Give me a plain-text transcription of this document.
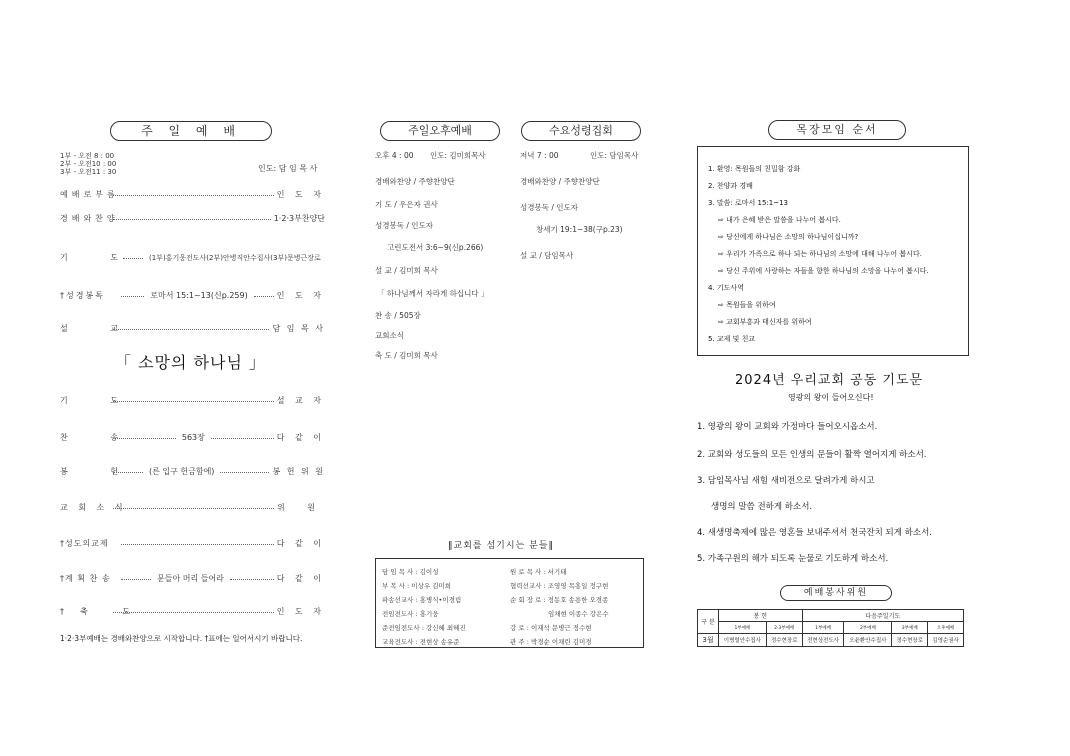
주 일 예 배
1부 - 오전 8 : 00
2부 - 오전10 : 00
3부 - 오전11 : 30	인도: 담 임 목 사
예배로부름	인 도 자
경배와찬양	1·2·3부찬양단
기 도	(1부)홍기웅전도사(2부)안병직안수집사(3부)문병근장로
†성경봉독	로마서 15:1~13(신p.259)	인 도 자
설 교	담 임 목 사
「 소망의 하나님 」
기 도	설 교 자
찬 송	563장	다 같 이
봉 헌	(른 입구 헌금함에)	봉 헌 위 원
교 회 소 식	위 원
†성도의교제	다 같 이
†계 획 찬 송	문들아 머리 들어라	다 같 이
†축 도	인 도 자
1·2·3부예배는 경배와찬양으로 시작합니다. †표에는 일어서시기 바랍니다.
주일오후예배	수요성령집회
오후 4 : 00 인도: 김미희목사	저녁 7 : 00	인도: 담임목사
경배와찬양 / 주향찬양단
기 도 / 우은자 권사
성경봉독 / 인도자
고린도전서 3:6~9(신p.266)
설 교 / 김미희 목사
「 하나님께서 자라게 하십니다 」
찬 송 / 505장
교회소식
축 도 / 김미희 목사
경배와찬양 / 주향찬양단
성경봉독 / 인도자
창세기 19:1~38(구p.23)
설 교 / 담임목사
‖교회를 섬기시는 분들‖
담 임 목 사 : 김이성
부 목 사 : 이상우 김미희
파송선교사 : 홍병식•이경림
전임전도사 : 홍기웅
준전임전도사 : 강신혜 최혜진
교육전도사 : 전현상 송유준
원 로 목 사 : 서기태
협력선교사 : 조영영 목홍일 정구현
순 회 장 로 : 정동호 송용한 오경종
임채현 이종수 강은수
강 로 : 이재석 문병근 정수현
관 주 : 박경순 이채린 김미경
목장모임 순서
1. 환영: 목원들의 친밀함 강화
2. 찬양과 경배
3. 말씀: 로마서 15:1~13
⇨ 내가 은혜 받은 말씀을 나누어 봅시다.
⇨ 당신에게 하나님은 소망의 하나님이십니까?
⇨ 우리가 가족으로 하나 되는 하나님의 소망에 대해 나누어 봅시다.
⇨ 당신 주위에 사랑하는 자들을 향한 하나님의 소망을 나누어 봅시다.
4. 기도사역
⇨ 목원들을 위하여
⇨ 교회부흥과 태신자를 위하여
5. 교제 및 친교
2024년 우리교회 공동 기도문
영광의 왕이 들어오신다!
1. 영광의 왕이 교회와 가정마다 들어오시옵소서.
2. 교회와 성도들의 모든 인생의 문들이 활짝 열어지게 하소서.
3. 담임목사님 새힘 새비전으로 달려가게 하시고
생명의 말씀 전하게 하소서.
4. 새생명축제에 많은 영혼들 보내주셔서 천국잔치 되게 하소서.
5. 가족구원의 해가 되도록 눈물로 기도하게 하소서.
예배봉사위원
구 분	봉 헌		다음주일기도			
	1부예배	2·3부예배	1부예배	2부예배	3부예배	오후예배
3월	이병렬안수집사	정수현장로	전현상전도사	오윤환안수집사	정수현장로	김영순권사
